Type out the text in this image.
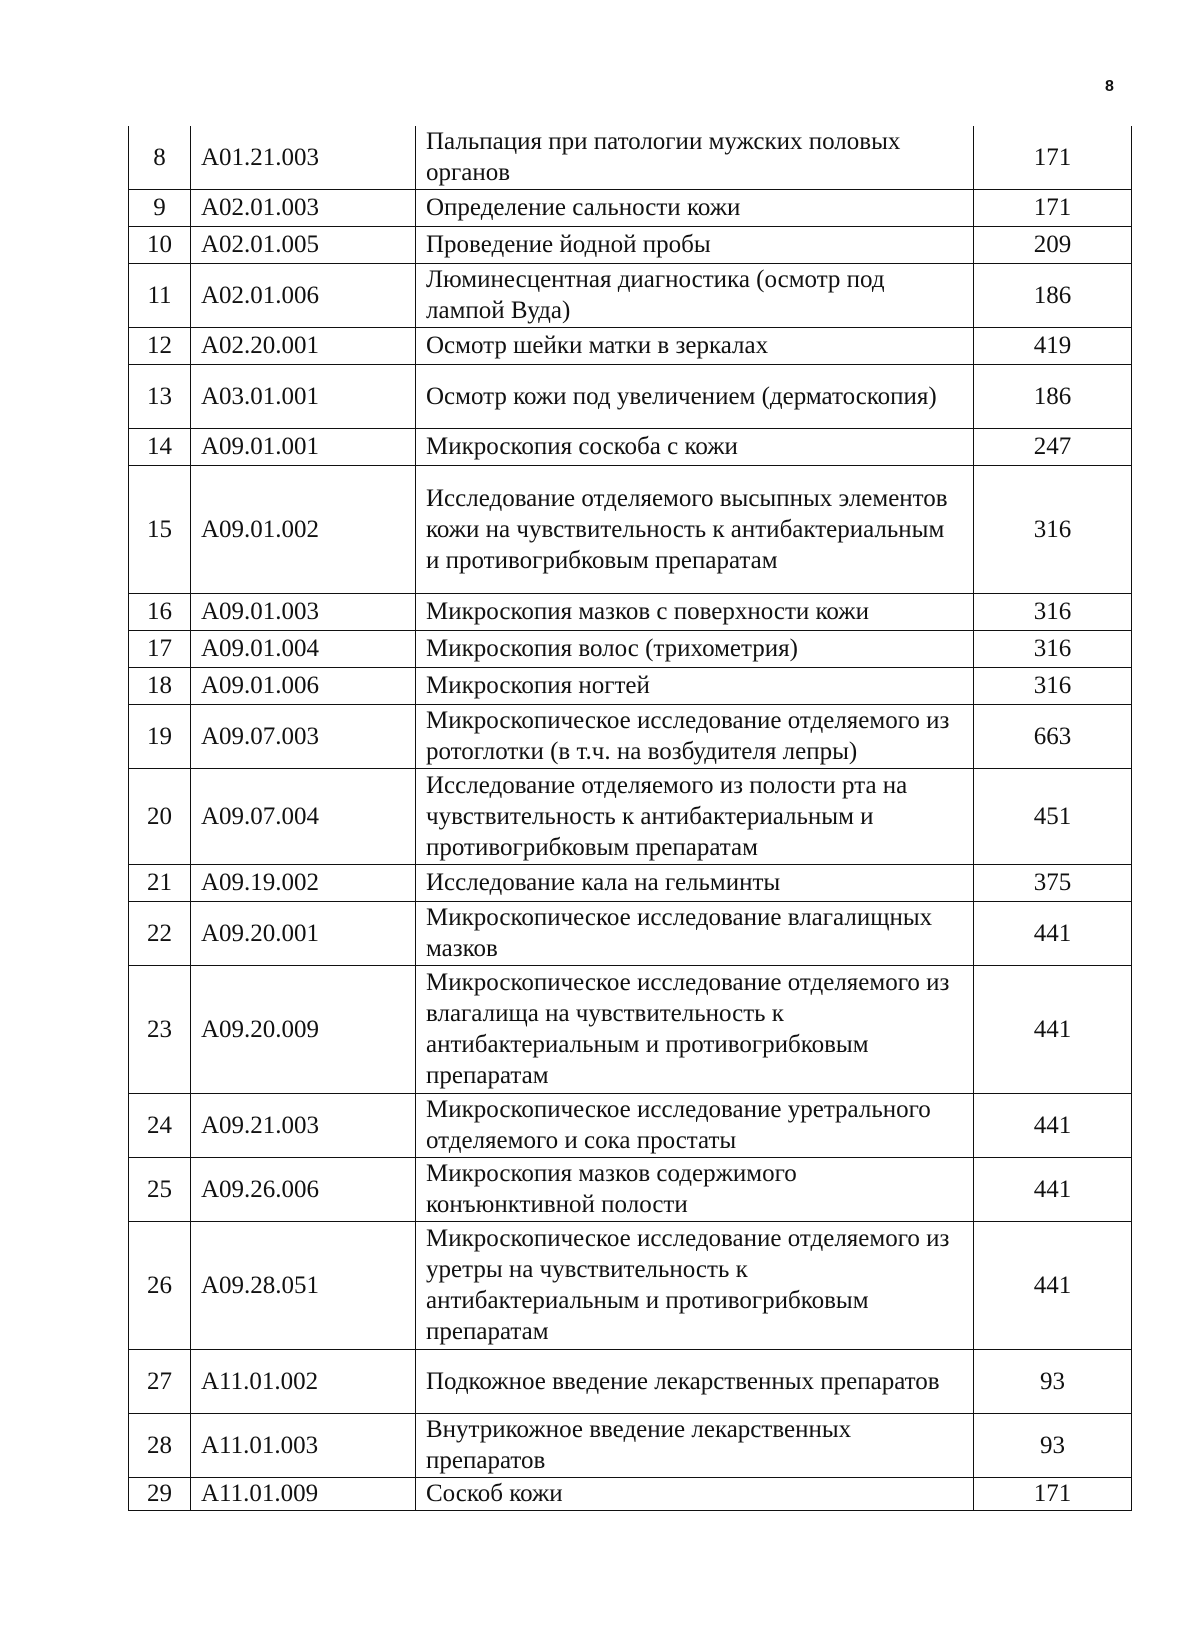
8
8	A01.21.003	Пальпация при патологии мужских половых органов	171
9	A02.01.003	Определение сальности кожи	171
10	A02.01.005	Проведение йодной пробы	209
11	A02.01.006	Люминесцентная диагностика (осмотр под лампой Вуда)	186
12	A02.20.001	Осмотр шейки матки в зеркалах	419
13	A03.01.001	Осмотр кожи под увеличением (дерматоскопия)	186
14	A09.01.001	Микроскопия соскоба с кожи	247
15	A09.01.002	Исследование отделяемого высыпных элементов кожи на чувствительность к антибактериальным и противогрибковым препаратам	316
16	A09.01.003	Микроскопия мазков с поверхности кожи	316
17	A09.01.004	Микроскопия волос (трихометрия)	316
18	A09.01.006	Микроскопия ногтей	316
19	A09.07.003	Микроскопическое исследование отделяемого из ротоглотки (в т.ч. на возбудителя лепры)	663
20	A09.07.004	Исследование отделяемого из полости рта на чувствительность к антибактериальным и противогрибковым препаратам	451
21	A09.19.002	Исследование кала на гельминты	375
22	A09.20.001	Микроскопическое исследование влагалищных мазков	441
23	A09.20.009	Микроскопическое исследование отделяемого из влагалища на чувствительность к антибактериальным и противогрибковым препаратам	441
24	A09.21.003	Микроскопическое исследование уретрального отделяемого и сока простаты	441
25	A09.26.006	Микроскопия мазков содержимого конъюнктивной полости	441
26	A09.28.051	Микроскопическое исследование отделяемого из уретры на чувствительность к антибактериальным и противогрибковым препаратам	441
27	A11.01.002	Подкожное введение лекарственных препаратов	93
28	A11.01.003	Внутрикожное введение лекарственных препаратов	93
29	A11.01.009	Соскоб кожи	171
